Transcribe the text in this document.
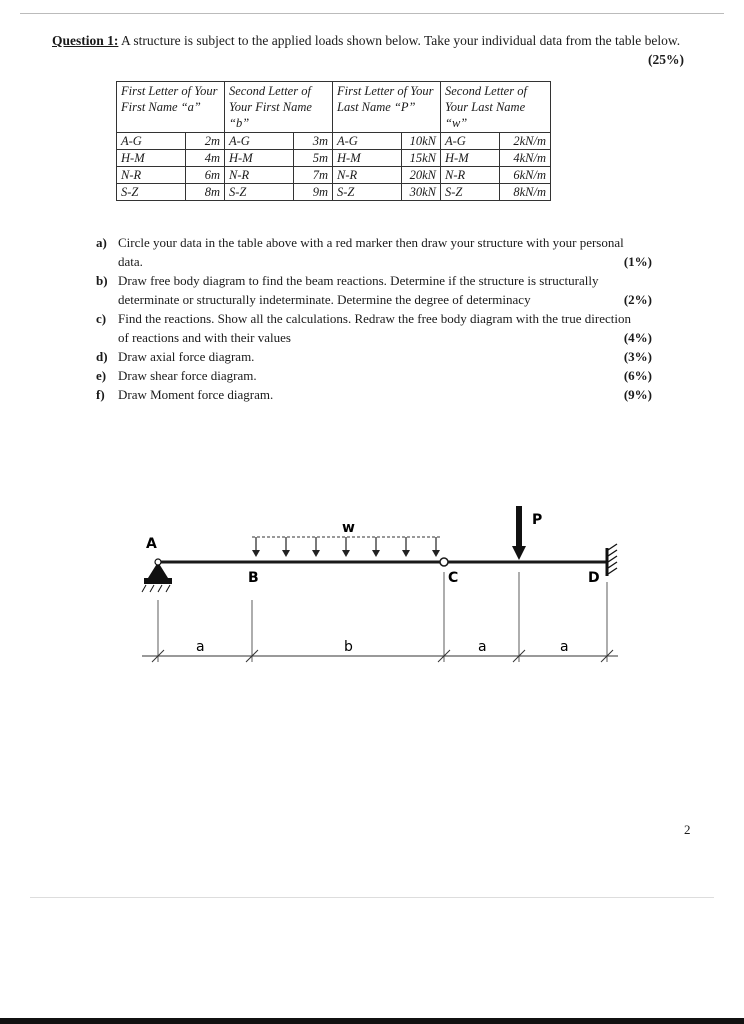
Question 1: A structure is subject to the applied loads shown below. Take your individual data from the table below.
(25%)
First Letter of Your First Name “a”		Second Letter of Your First Name “b”		First Letter of Your Last Name “P”		Second Letter of Your Last Name “w”	
A-G	2m	A-G	3m	A-G	10kN	A-G	2kN/m
H-M	4m	H-M	5m	H-M	15kN	H-M	4kN/m
N-R	6m	N-R	7m	N-R	20kN	N-R	6kN/m
S-Z	8m	S-Z	9m	S-Z	30kN	S-Z	8kN/m
a) Circle your data in the table above with a red marker then draw your structure with your personal data.	(1%)
b) Draw free body diagram to find the beam reactions. Determine if the structure is structurally determinate or structurally indeterminate. Determine the degree of determinacy	(2%)
c) Find the reactions. Show all the calculations. Redraw the free body diagram with the true direction of reactions and with their values	(4%)
d) Draw axial force diagram.	(3%)
e) Draw shear force diagram.	(6%)
f) Draw Moment force diagram.	(9%)
A
B	C	D
w	P
a	b	a	a
2
